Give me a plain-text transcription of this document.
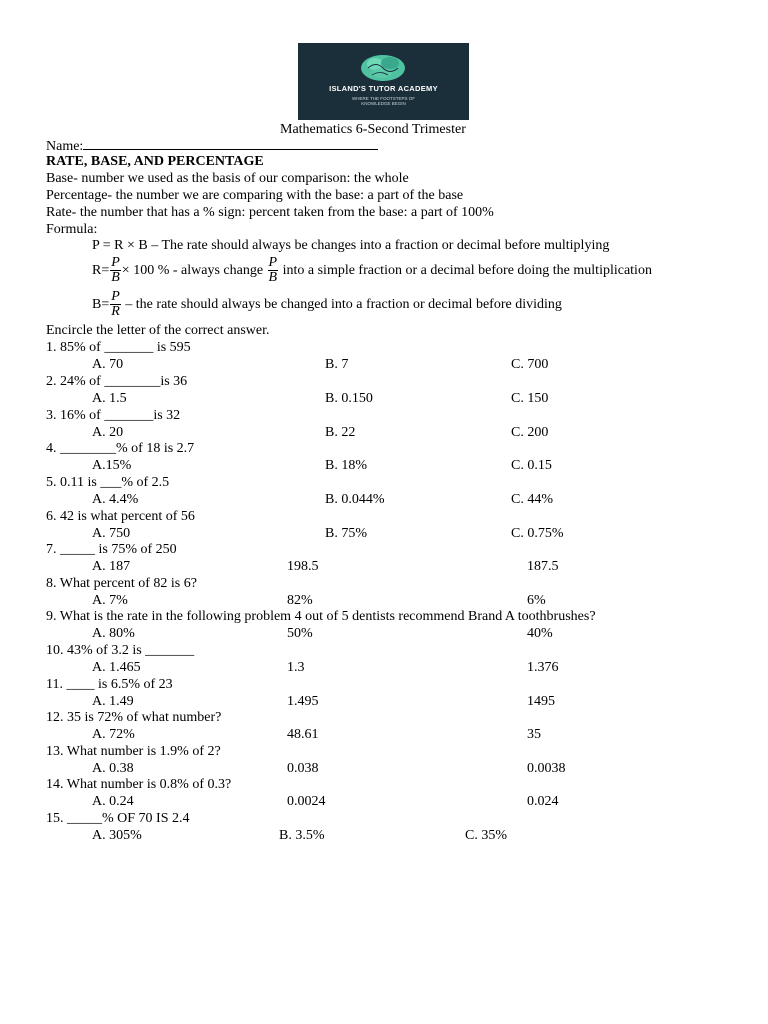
ISLAND'S TUTOR ACADEMY
WHERE THE FOOTSTEPS OF
KNOWLEDGE BEGIN
Mathematics 6-Second Trimester
Name:
RATE, BASE, AND PERCENTAGE
Base- number we used as the basis of our comparison: the whole
Percentage- the number we are comparing with the base: a part of the base
Rate- the number that has a % sign: percent taken from the base: a part of 100%
Formula:
P = R × B – The rate should always be changes into a fraction or decimal before multiplying
$R= \frac{P}{B} \times 100$ % - always change $\frac{P}{B}$ into a simple fraction or a decimal before doing the multiplication
$B= \frac{P}{R}$ – the rate should always be changed into a fraction or decimal before dividing
Encircle the letter of the correct answer.
1. 85% of _______ is 595
A. 70	B. 7	C. 700
2. 24% of ________is 36
A. 1.5	B. 0.150	C. 150
3. 16% of _______is 32
A. 20	B. 22	C. 200
4. ________% of 18 is 2.7
A.15%	B. 18%	C. 0.15
5. 0.11 is ___% of 2.5
A. 4.4%	B. 0.044%	C. 44%
6. 42 is what percent of 56
A. 750	B. 75%	C. 0.75%
7. _____ is 75% of 250
A. 187	198.5	187.5
8. What percent of 82 is 6?
A. 7%	82%	6%
9. What is the rate in the following problem 4 out of 5 dentists recommend Brand A toothbrushes?
A. 80%	50%	40%
10. 43% of 3.2 is _______
A. 1.465	1.3	1.376
11. ____ is 6.5% of 23
A. 1.49	1.495	1495
12. 35 is 72% of what number?
A. 72%	48.61	35
13. What number is 1.9% of 2?
A. 0.38	0.038	0.0038
14. What number is 0.8% of 0.3?
A. 0.24	0.0024	0.024
15. _____% OF 70 IS 2.4
A. 305%	B. 3.5%	C. 35%
